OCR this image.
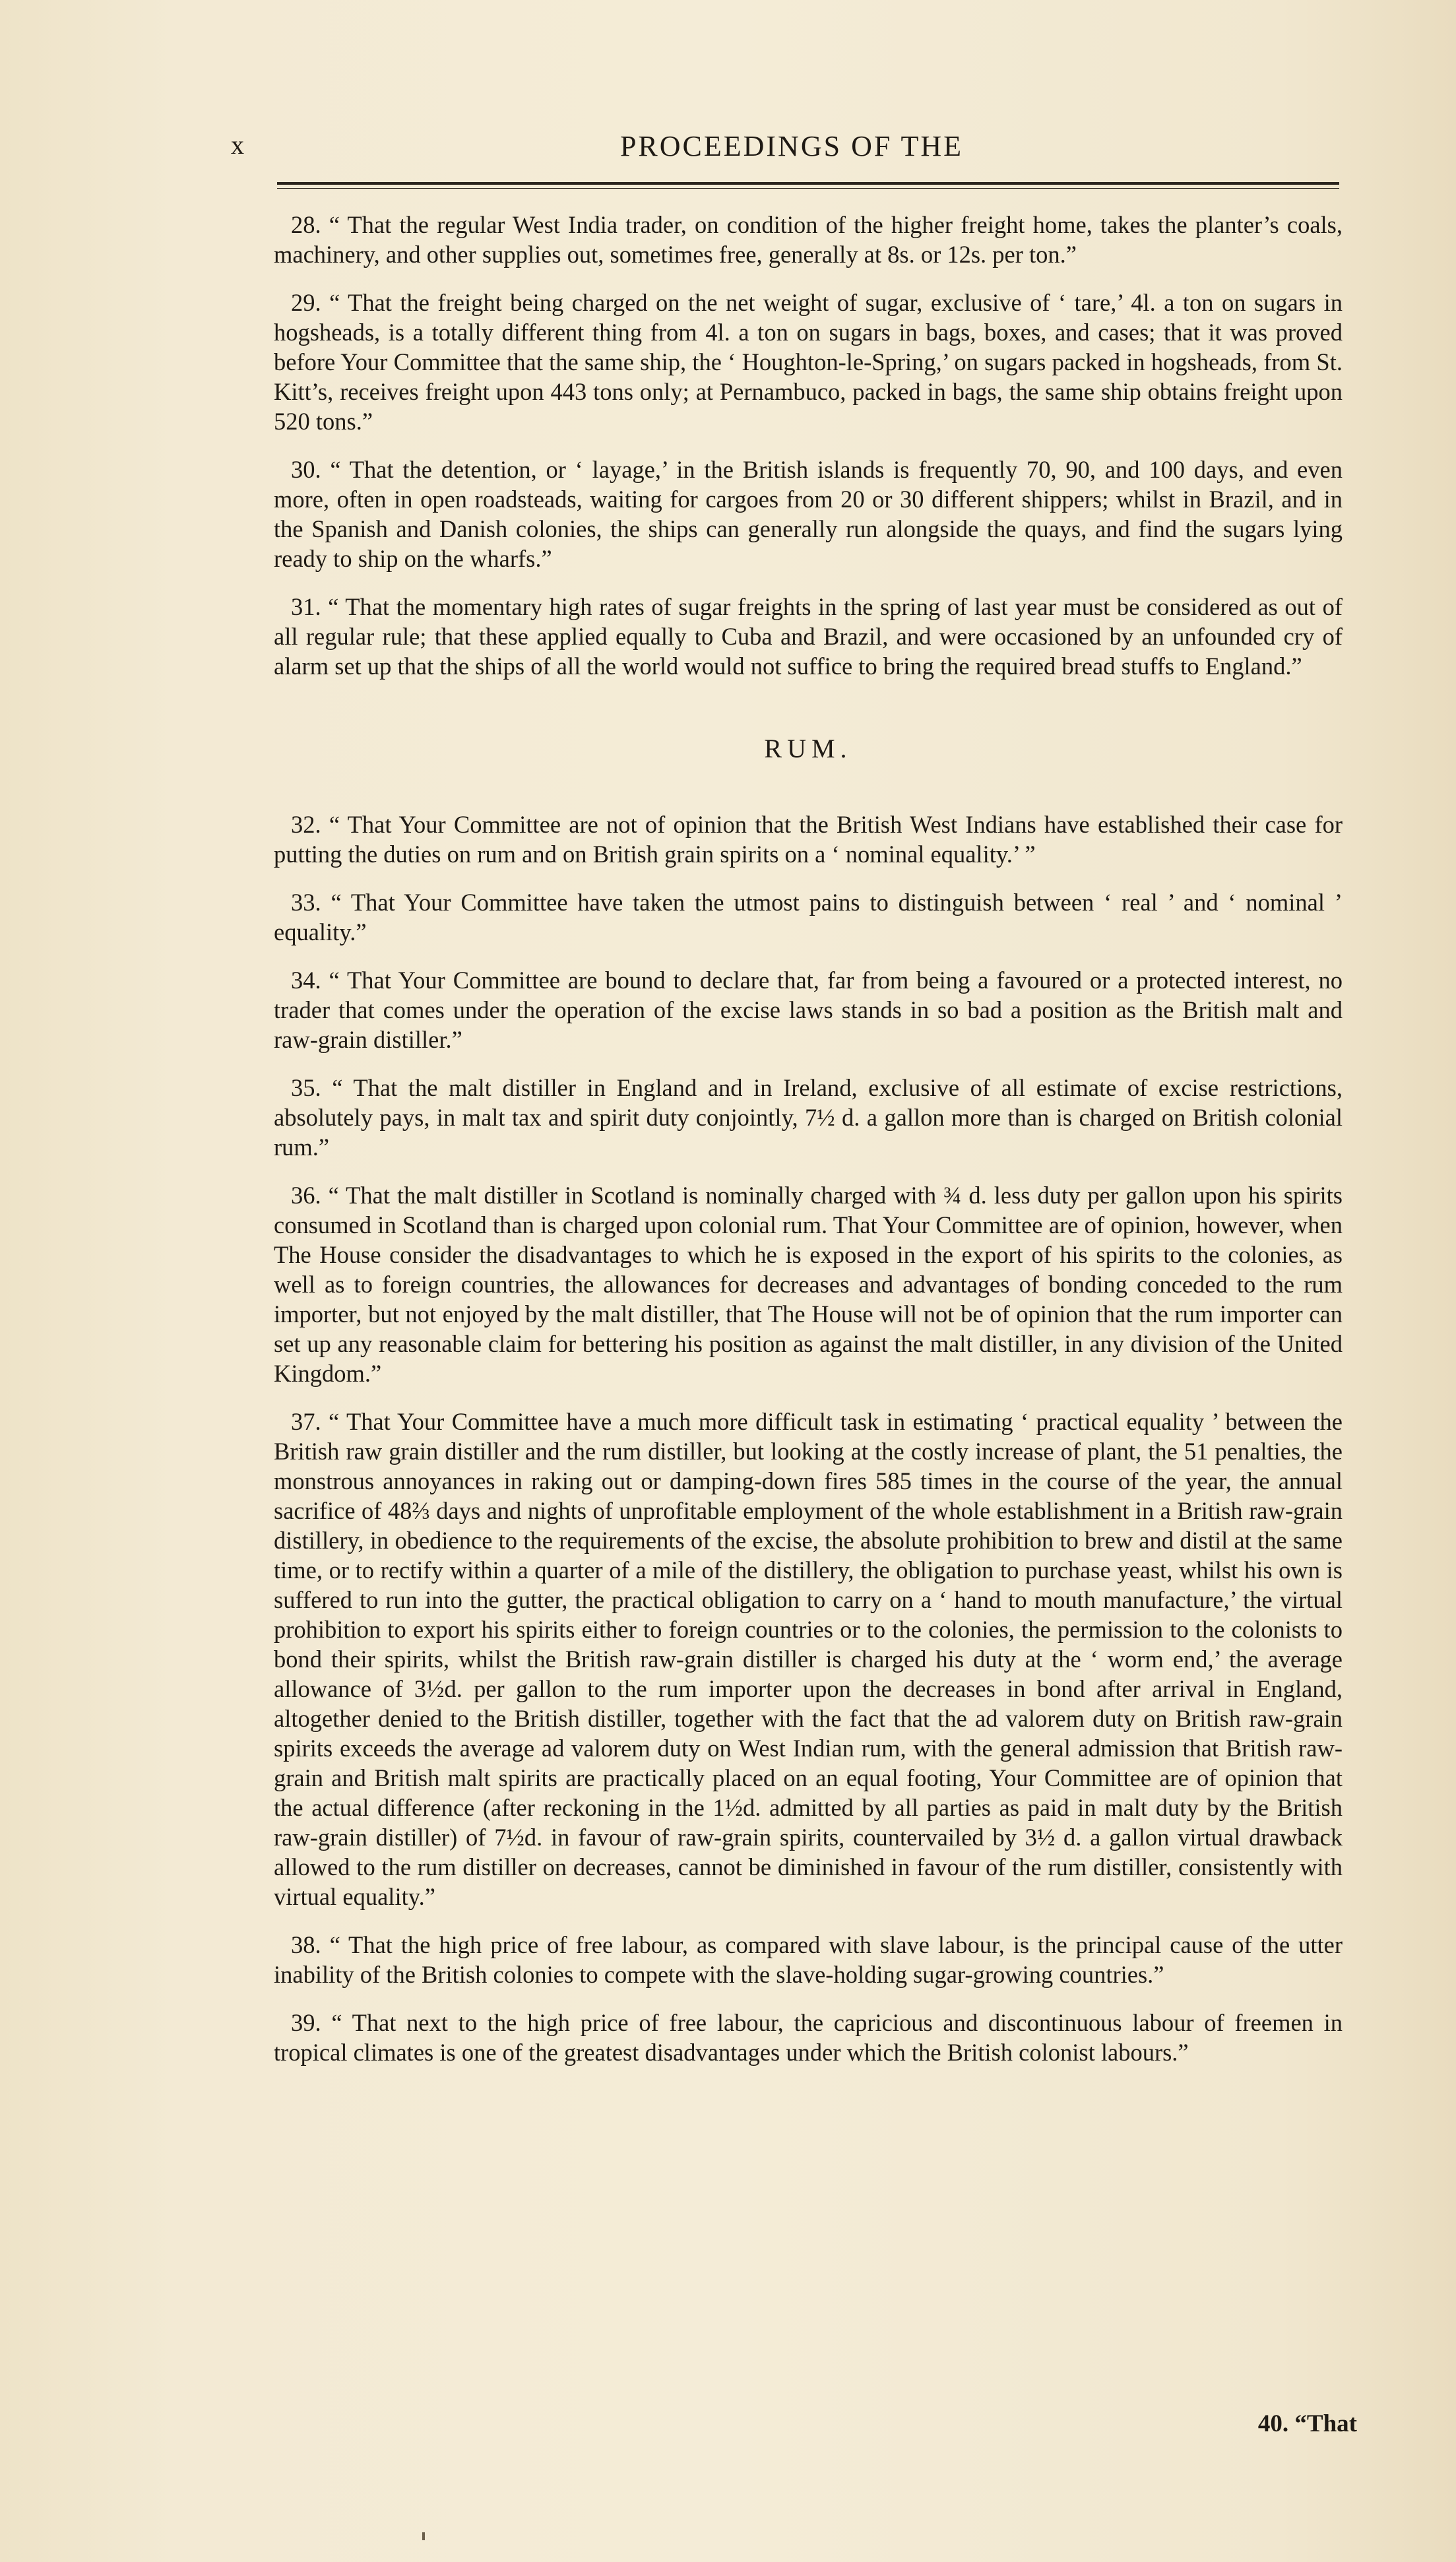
x	PROCEEDINGS OF THE

28. “ That the regular West India trader, on condition of the higher freight home, takes the planter’s coals, machinery, and other supplies out, sometimes free, generally at 8s. or 12s. per ton.”

29. “ That the freight being charged on the net weight of sugar, exclusive of ‘ tare,’ 4l. a ton on sugars in hogsheads, is a totally different thing from 4l. a ton on sugars in bags, boxes, and cases; that it was proved before Your Committee that the same ship, the ‘ Houghton-le-Spring,’ on sugars packed in hogsheads, from St. Kitt’s, receives freight upon 443 tons only; at Pernambuco, packed in bags, the same ship obtains freight upon 520 tons.”

30. “ That the detention, or ‘ layage,’ in the British islands is frequently 70, 90, and 100 days, and even more, often in open roadsteads, waiting for cargoes from 20 or 30 different shippers; whilst in Brazil, and in the Spanish and Danish colonies, the ships can generally run alongside the quays, and find the sugars lying ready to ship on the wharfs.”

31. “ That the momentary high rates of sugar freights in the spring of last year must be considered as out of all regular rule; that these applied equally to Cuba and Brazil, and were occasioned by an unfounded cry of alarm set up that the ships of all the world would not suffice to bring the required bread stuffs to England.”

RUM.

32. “ That Your Committee are not of opinion that the British West Indians have established their case for putting the duties on rum and on British grain spirits on a ‘ nominal equality.’ ”

33. “ That Your Committee have taken the utmost pains to distinguish between ‘ real ’ and ‘ nominal ’ equality.”

34. “ That Your Committee are bound to declare that, far from being a favoured or a protected interest, no trader that comes under the operation of the excise laws stands in so bad a position as the British malt and raw-grain distiller.”

35. “ That the malt distiller in England and in Ireland, exclusive of all estimate of excise restrictions, absolutely pays, in malt tax and spirit duty conjointly, 7½ d. a gallon more than is charged on British colonial rum.”

36. “ That the malt distiller in Scotland is nominally charged with ¾ d. less duty per gallon upon his spirits consumed in Scotland than is charged upon colonial rum. That Your Committee are of opinion, however, when The House consider the disadvantages to which he is exposed in the export of his spirits to the colonies, as well as to foreign countries, the allowances for decreases and advantages of bonding conceded to the rum importer, but not enjoyed by the malt distiller, that The House will not be of opinion that the rum importer can set up any reasonable claim for bettering his position as against the malt distiller, in any division of the United Kingdom.”

37. “ That Your Committee have a much more difficult task in estimating ‘ practical equality ’ between the British raw grain distiller and the rum distiller, but looking at the costly increase of plant, the 51 penalties, the monstrous annoyances in raking out or damping-down fires 585 times in the course of the year, the annual sacrifice of 48⅔ days and nights of unprofitable employment of the whole establishment in a British raw-grain distillery, in obedience to the requirements of the excise, the absolute prohibition to brew and distil at the same time, or to rectify within a quarter of a mile of the distillery, the obligation to purchase yeast, whilst his own is suffered to run into the gutter, the practical obligation to carry on a ‘ hand to mouth manufacture,’ the virtual prohibition to export his spirits either to foreign countries or to the colonies, the permission to the colonists to bond their spirits, whilst the British raw-grain distiller is charged his duty at the ‘ worm end,’ the average allowance of 3½d. per gallon to the rum importer upon the decreases in bond after arrival in England, altogether denied to the British distiller, together with the fact that the ad valorem duty on British raw-grain spirits exceeds the average ad valorem duty on West Indian rum, with the general admission that British raw-grain and British malt spirits are practically placed on an equal footing, Your Committee are of opinion that the actual difference (after reckoning in the 1½d. admitted by all parties as paid in malt duty by the British raw-grain distiller) of 7½d. in favour of raw-grain spirits, countervailed by 3½ d. a gallon virtual drawback allowed to the rum distiller on decreases, cannot be diminished in favour of the rum distiller, consistently with virtual equality.”

38. “ That the high price of free labour, as compared with slave labour, is the principal cause of the utter inability of the British colonies to compete with the slave-holding sugar-growing countries.”

39. “ That next to the high price of free labour, the capricious and discontinuous labour of freemen in tropical climates is one of the greatest disadvantages under which the British colonist labours.”

40. “That
